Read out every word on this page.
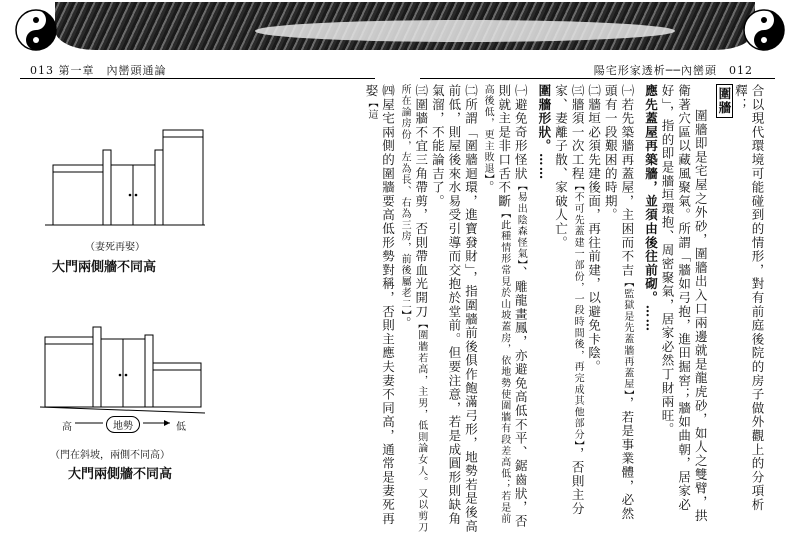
013 第一章　內巒頭通論	陽宅形家透析──內巒頭　012

合以現代環境可能碰到的情形，對有前庭後院的房子做外觀上的分項析釋；

圍牆

圍牆即是宅屋之外砂，圍牆出入口兩邊就是龍虎砂，如人之雙臂，拱衛著穴區以藏風聚氣。所謂「牆如弓抱，進田掘窖；牆如曲朝，居家必好」，指的即是牆垣環抱、周密聚氣，居家必然丁財兩旺。

應先蓋屋再築牆，並須由後往前砌。……

㈠若先築牆再蓋屋，主困而不吉【監獄是先蓋牆再蓋屋】，若是事業體，必然頭有一段艱困的時期。

㈡牆垣必須先建後面，再往前建，以避免卡陰。

㈢牆須一次工程【不可先蓋建一部份，一段時間後，再完成其他部分】，否則主分家、妻離子散、家破人亡。

圍牆形狀。……

㈠避免奇形怪狀【易出陰森怪氣】、雕龍畫鳳，亦避免高低不平、鋸齒狀，否則就主是非口舌不斷【此種情形常見於山坡蓋房，依地勢使圍牆有段差高低；若是前高後低，更主敗退】。

㈡所謂「圍牆迴環，進寶發財」，指圍牆前後俱作飽滿弓形，地勢若是後高前低，則屋後來水易受引導而交抱於堂前。但要注意，若是成圓形則缺角氣溜，不能論吉了。

㈢圍牆不宜三角帶剪，否則帶血光開刀【圍牆若高，主男，低則論女人。又以剪刀所在論房份，左為長、右為三房，前後屬老二】。

㈣屋宅兩側的圍牆要高低形勢對稱，否則主應夫妻不同高，通常是妻死再娶【這

（妻死再娶）
大門兩側牆不同高
高	地勢	低
（門在斜坡，兩側不同高）
大門兩側牆不同高
